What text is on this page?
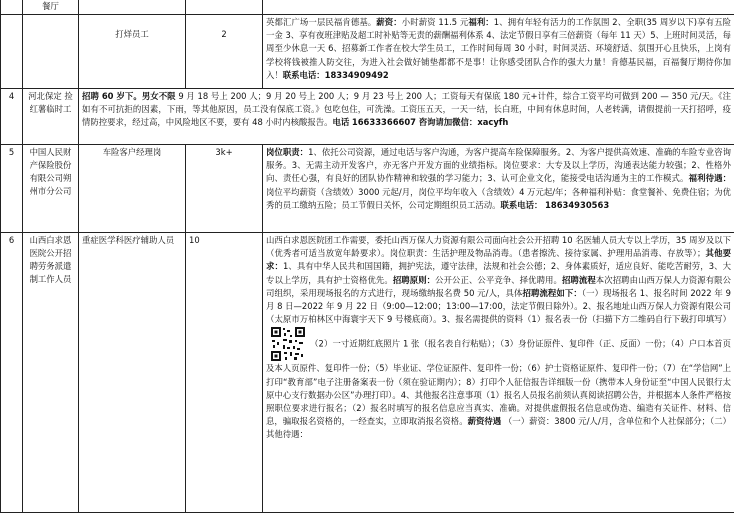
	餐厅			
		打烊员工	2	英都汇广场一层民福肯德基。薪资：小时薪资 11.5 元福利：1、拥有年轻有活力的工作氛围 2、全职(35 周岁以下)享有五险一金 3、享有夜班津贴及超工时补贴等无责的薪酬福利体系 4、法定节假日享有三倍薪资（每年 11 天）5、上班时间灵活，每周至少休息一天 6、招募新工作者在校大学生员工，工作时间每周 30 小时，时间灵活、环境舒适、氛围开心且快乐，上岗有学校将钱被推人防交往，为进入社会做好铺垫都都不是事！让你感受团队合作的强大力量！肯德基民福，百福餐厅期待你加入！联系电话：18334909492
4	河北保定 捡红薯临时工	招聘 60 岁下。男女不限 9 月 18 号上 200 人；9 月 20 号上 200 人；9 月 23 号上 200 人；工资每天有保底 180 元+计件，综合工资平均可做到 200 — 350 元/天。《注如有不可抗拒的因素，下雨，等其他原因，员工没有保底工资。》包吃包住，可洗澡。工资压五天，一天一结，长白班，中间有休息时间，人老转满，请假提前一天打招呼，疫情防控要求，经过高，中风险地区不要，要有 48 小时内核酸报告。电话 16633366607 咨询请加微信：xacyfh		
5	中国人民财产保险股份有限公司朔州市分公司	车险客户经理岗	3k+	岗位职责：1、依托公司资源，通过电话与客户沟通，为客户提高车险保障服务。2、为客户提供高效速、准确的车险专业咨询服务。3、无需主动开发客户，亦无客户开发方面的业绩指标。岗位要求：大专及以上学历，沟通表达能力较强；2、性格外向、责任心强，有良好的团队协作精神和较强的学习能力；3、认可企业文化，能接受电话沟通为主的工作模式。福利待遇：岗位平均薪资（含绩效）3000 元起/月，岗位平均年收入（含绩效）4 万元起/年；各种福利补贴：食堂餐补、免费住宿；为优秀的员工缴纳五险；员工节假日关怀，公司定期组织员工活动。联系电话： 18634930563
6	山西白求恩医院公开招聘劳务派遣制工作人员	重症医学科医疗辅助人员	10	山西白求恩医院团工作需要，委托山西万保人力资源有限公司面向社会公开招聘 10 名医辅人员大专以上学历，35 周岁及以下（优秀者可适当放宽年龄要求）。岗位职责：生活护理及物品消毒。（患者擦洗、接待家属、护理用品消毒、存放等）；其他要求：1、具有中华人民共和国国籍，拥护宪法，遵守法律，法规和社会公德；2、身体素质好，适应良好、能吃苦耐劳，3、大专以上学历，具有护士资格优先。招聘原则：公开公正、公平竞争、择优聘用。招聘流程本次招聘由山西万保人力资源有限公司组织，采用现场报名的方式进行，现场缴纳报名费 50 元/人，具体招聘流程如下：（一）现场报名 1、报名时间 2022 年 9 月 8 日—2022 年 9 月 22 日（9:00—12:00；13:00—17:00，法定节假日除外）。2、报名地址山西万保人力资源有限公司（太原市万柏林区中海寰宇天下 9 号楼底商）。3、报名需提供的资料（1）报名表一份（扫描下方二维码自行下载打印填写）（2）一寸近期红底照片 1 张（报名表自行粘贴）；（3）身份证原件、复印件（正、反面）一份；（4）户口本首页及本人页原件、复印件一份；（5）毕业证、学位证原件、复印件一份；（6）护士资格证原件、复印件一份；（7）在“学信网”上打印“教育部”电子注册备案表一份（须在验证期内）；8）打印个人征信报告详细版一份（携带本人身份证至“中国人民银行太原中心支行数据办公区”办理打印）。4、其他报名注意事项（1）报名人员报名前须认真阅读招聘公告，并根据本人条件严格按照职位要求进行报名；（2）报名时填写的报名信息应当真实、准确。对提供虚假报名信息或伪造、编造有关证件、材料、信息，骗取报名资格的，一经查实，立即取消报名资格。薪资待遇 （一）薪资：3800 元/人/月，含单位和个人社保部分；（二）其他待遇：
